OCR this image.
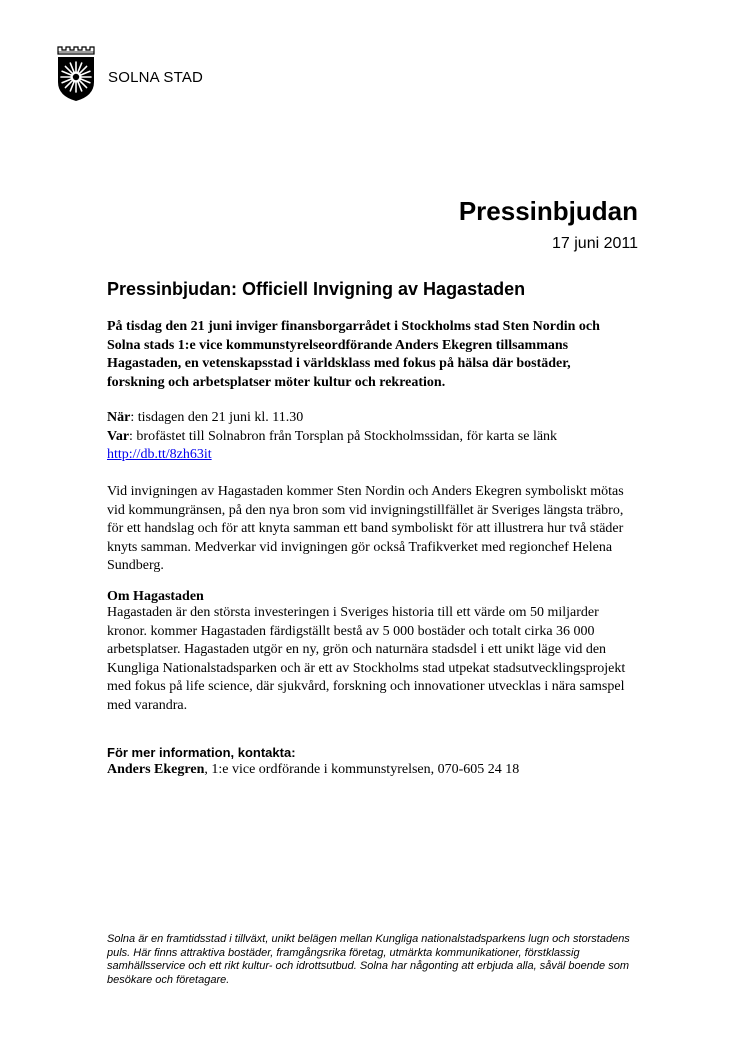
SOLNA STAD
Pressinbjudan
17 juni 2011
Pressinbjudan: Officiell Invigning av Hagastaden
På tisdag den 21 juni inviger finansborgarrådet i Stockholms stad Sten Nordin och Solna stads 1:e vice kommunstyrelseordförande Anders Ekegren tillsammans Hagastaden, en vetenskapsstad i världsklass med fokus på hälsa där bostäder, forskning och arbetsplatser möter kultur och rekreation.
När: tisdagen den 21 juni kl. 11.30
Var: brofästet till Solnabron från Torsplan på Stockholmssidan, för karta se länk
http://db.tt/8zh63it
Vid invigningen av Hagastaden kommer Sten Nordin och Anders Ekegren symboliskt mötas vid kommungränsen, på den nya bron som vid invigningstillfället är Sveriges längsta träbro, för ett handslag och för att knyta samman ett band symboliskt för att illustrera hur två städer knyts samman. Medverkar vid invigningen gör också Trafikverket med regionchef Helena Sundberg.
Om Hagastaden
Hagastaden är den största investeringen i Sveriges historia till ett värde om 50 miljarder kronor. kommer Hagastaden färdigställt bestå av 5 000 bostäder och totalt cirka 36 000 arbetsplatser. Hagastaden utgör en ny, grön och naturnära stadsdel i ett unikt läge vid den Kungliga Nationalstadsparken och är ett av Stockholms stad utpekat stadsutvecklingsprojekt med fokus på life science, där sjukvård, forskning och innovationer utvecklas i nära samspel med varandra.
För mer information, kontakta:
Anders Ekegren, 1:e vice ordförande i kommunstyrelsen, 070-605 24 18
Solna är en framtidsstad i tillväxt, unikt belägen mellan Kungliga nationalstadsparkens lugn och storstadens puls. Här finns attraktiva bostäder, framgångsrika företag, utmärkta kommunikationer, förstklassig samhällsservice och ett rikt kultur- och idrottsutbud. Solna har någonting att erbjuda alla, såväl boende som besökare och företagare.
